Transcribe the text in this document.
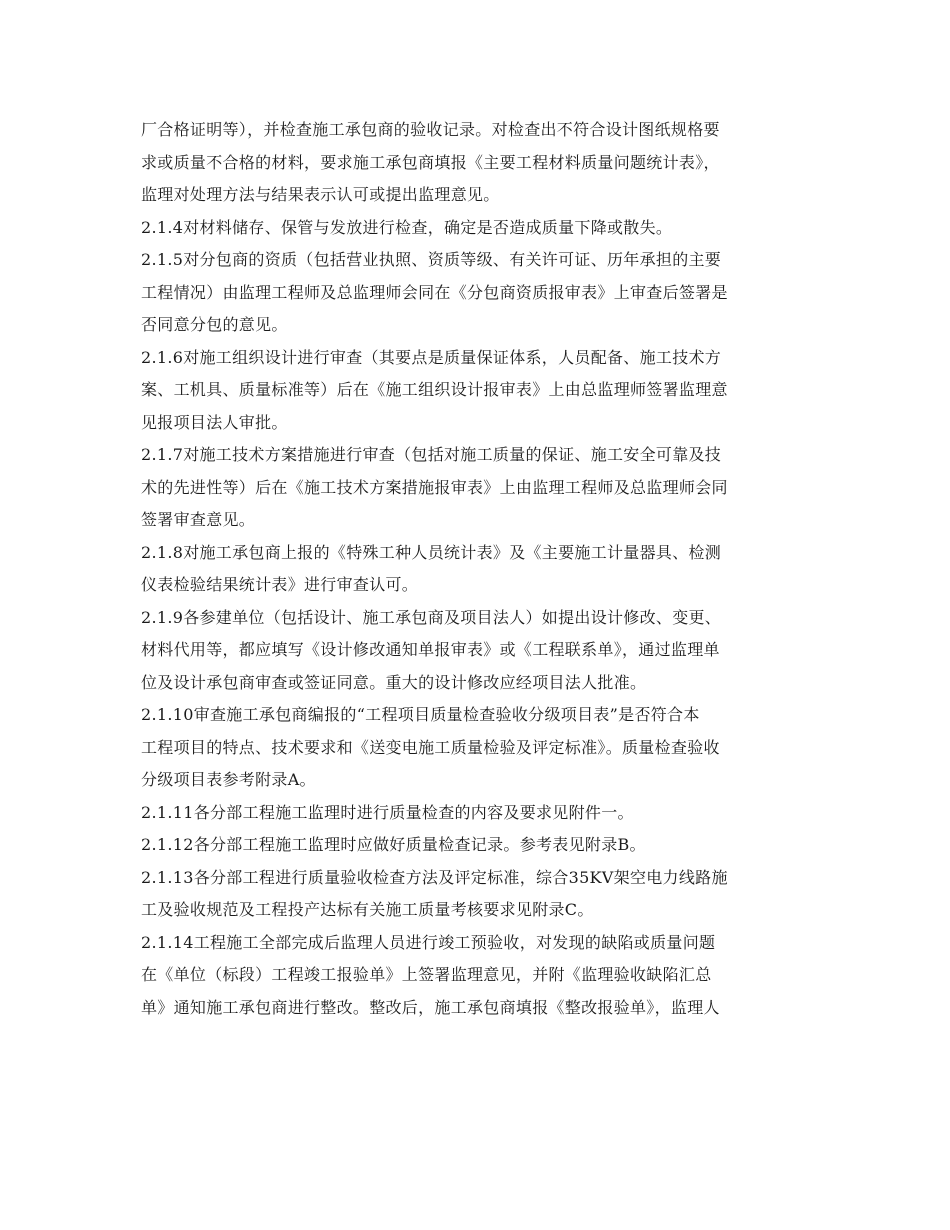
厂合格证明等），并检查施工承包商的验收记录。对检查出不符合设计图纸规格要
求或质量不合格的材料，要求施工承包商填报《主要工程材料质量问题统计表》，
监理对处理方法与结果表示认可或提出监理意见。
2.1.4对材料储存、保管与发放进行检查，确定是否造成质量下降或散失。
2.1.5对分包商的资质（包括营业执照、资质等级、有关许可证、历年承担的主要
工程情况）由监理工程师及总监理师会同在《分包商资质报审表》上审查后签署是
否同意分包的意见。
2.1.6对施工组织设计进行审查（其要点是质量保证体系，人员配备、施工技术方
案、工机具、质量标准等）后在《施工组织设计报审表》上由总监理师签署监理意
见报项目法人审批。
2.1.7对施工技术方案措施进行审查（包括对施工质量的保证、施工安全可靠及技
术的先进性等）后在《施工技术方案措施报审表》上由监理工程师及总监理师会同
签署审查意见。
2.1.8对施工承包商上报的《特殊工种人员统计表》及《主要施工计量器具、检测
仪表检验结果统计表》进行审查认可。
2.1.9各参建单位（包括设计、施工承包商及项目法人）如提出设计修改、变更、
材料代用等，都应填写《设计修改通知单报审表》或《工程联系单》，通过监理单
位及设计承包商审查或签证同意。重大的设计修改应经项目法人批准。
2.1.10审查施工承包商编报的“工程项目质量检查验收分级项目表”是否符合本
工程项目的特点、技术要求和《送变电施工质量检验及评定标准》。质量检查验收
分级项目表参考附录A。
2.1.11各分部工程施工监理时进行质量检查的内容及要求见附件一。
2.1.12各分部工程施工监理时应做好质量检查记录。参考表见附录B。
2.1.13各分部工程进行质量验收检查方法及评定标准，综合35KV架空电力线路施
工及验收规范及工程投产达标有关施工质量考核要求见附录C。
2.1.14工程施工全部完成后监理人员进行竣工预验收，对发现的缺陷或质量问题
在《单位（标段）工程竣工报验单》上签署监理意见，并附《监理验收缺陷汇总
单》通知施工承包商进行整改。整改后，施工承包商填报《整改报验单》，监理人
